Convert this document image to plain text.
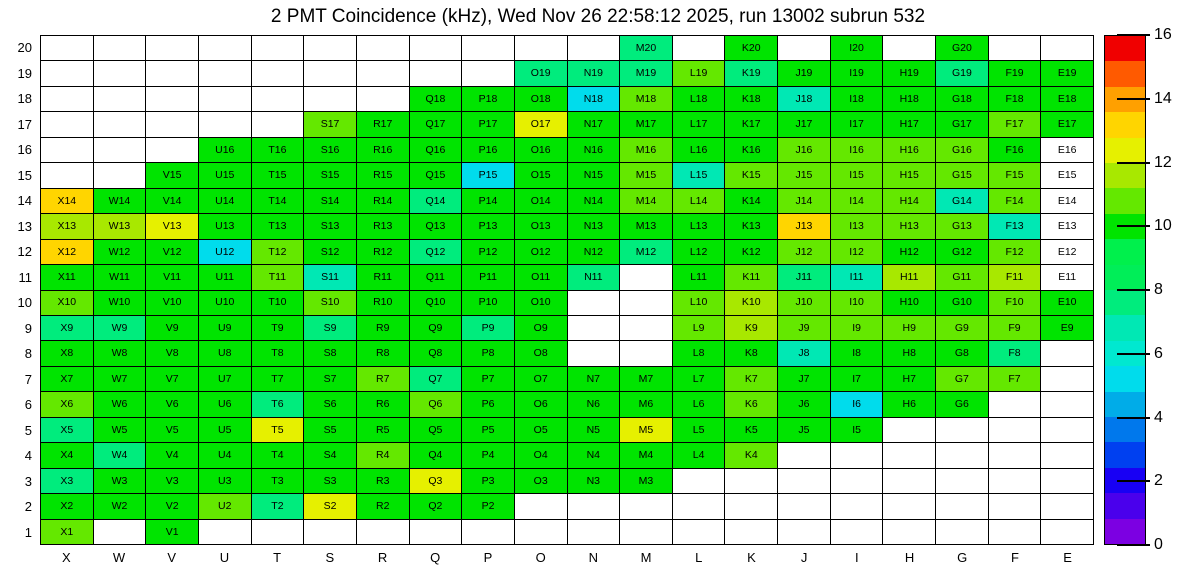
2 PMT Coincidence (kHz), Wed Nov 26 22:58:12 2025, run 13002 subrun 532
M20	K20	I20	G20
O19	N19	M19	L19	K19	J19	I19	H19	G19	F19	E19
Q18	P18	O18	N18	M18	L18	K18	J18	I18	H18	G18	F18	E18
S17	R17	Q17	P17	O17	N17	M17	L17	K17	J17	I17	H17	G17	F17	E17
U16	T16	S16	R16	Q16	P16	O16	N16	M16	L16	K16	J16	I16	H16	G16	F16	E16
V15	U15	T15	S15	R15	Q15	P15	O15	N15	M15	L15	K15	J15	I15	H15	G15	F15	E15
X14	W14	V14	U14	T14	S14	R14	Q14	P14	O14	N14	M14	L14	K14	J14	I14	H14	G14	F14	E14
X13	W13	V13	U13	T13	S13	R13	Q13	P13	O13	N13	M13	L13	K13	J13	I13	H13	G13	F13	E13
X12	W12	V12	U12	T12	S12	R12	Q12	P12	O12	N12	M12	L12	K12	J12	I12	H12	G12	F12	E12
X11	W11	V11	U11	T11	S11	R11	Q11	P11	O11	N11	L11	K11	J11	I11	H11	G11	F11	E11
X10	W10	V10	U10	T10	S10	R10	Q10	P10	O10	L10	K10	J10	I10	H10	G10	F10	E10
X9	W9	V9	U9	T9	S9	R9	Q9	P9	O9	L9	K9	J9	I9	H9	G9	F9	E9
X8	W8	V8	U8	T8	S8	R8	Q8	P8	O8	L8	K8	J8	I8	H8	G8	F8
X7	W7	V7	U7	T7	S7	R7	Q7	P7	O7	N7	M7	L7	K7	J7	I7	H7	G7	F7
X6	W6	V6	U6	T6	S6	R6	Q6	P6	O6	N6	M6	L6	K6	J6	I6	H6	G6
X5	W5	V5	U5	T5	S5	R5	Q5	P5	O5	N5	M5	L5	K5	J5	I5
X4	W4	V4	U4	T4	S4	R4	Q4	P4	O4	N4	M4	L4	K4
X3	W3	V3	U3	T3	S3	R3	Q3	P3	O3	N3	M3
X2	W2	V2	U2	T2	S2	R2	Q2	P2
X1	V1
20
19
18
17
16
15
14
13
12
11
10
9
8
7
6
5
4
3
2
1
X	W	V	U	T	S	R	Q	P	O	N	M	L	K	J	I	H	G	F	E
0
2
4
6
8
10
12
14
16
